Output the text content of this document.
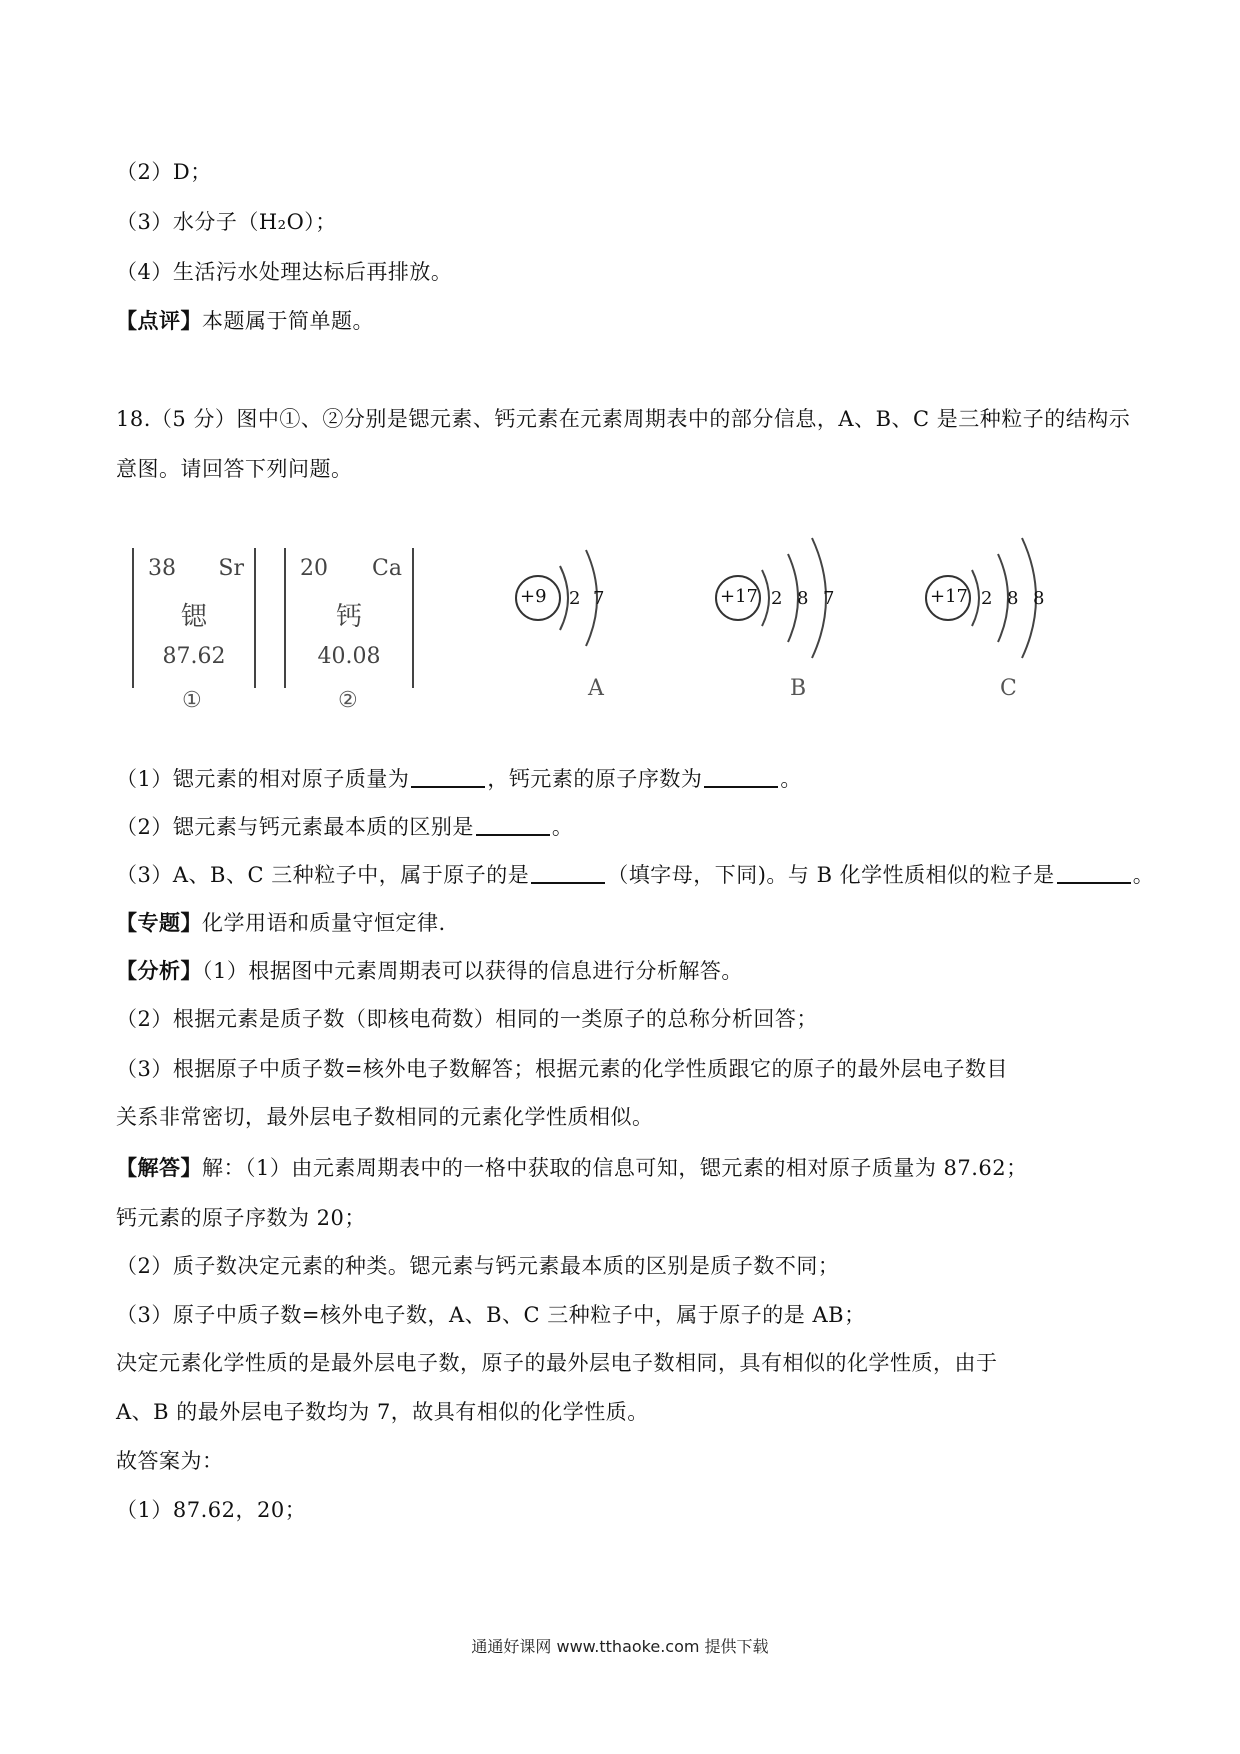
（2）D；
（3）水分子（H₂O）；
（4）生活污水处理达标后再排放。
【点评】本题属于简单题。
18.（5 分）图中①、②分别是锶元素、钙元素在元素周期表中的部分信息，A、B、C 是三种粒子的结构示
意图。请回答下列问题。
38 Sr
锶
87.62
①
20 Ca
钙
40.08
②
+9 2 7
A
+17 2 8 7
B
+17 2 8 8
C
（1）锶元素的相对原子质量为	，钙元素的原子序数为	。
（2）锶元素与钙元素最本质的区别是	。
（3）A、B、C 三种粒子中，属于原子的是	（填字母，下同)。与 B 化学性质相似的粒子是	。
【专题】化学用语和质量守恒定律.
【分析】（1）根据图中元素周期表可以获得的信息进行分析解答。
（2）根据元素是质子数（即核电荷数）相同的一类原子的总称分析回答；
（3）根据原子中质子数=核外电子数解答；根据元素的化学性质跟它的原子的最外层电子数目
关系非常密切，最外层电子数相同的元素化学性质相似。
【解答】解：（1）由元素周期表中的一格中获取的信息可知，锶元素的相对原子质量为 87.62；
钙元素的原子序数为 20；
（2）质子数决定元素的种类。锶元素与钙元素最本质的区别是质子数不同；
（3）原子中质子数=核外电子数，A、B、C 三种粒子中，属于原子的是 AB；
决定元素化学性质的是最外层电子数，原子的最外层电子数相同，具有相似的化学性质，由于
A、B 的最外层电子数均为 7，故具有相似的化学性质。
故答案为：
（1）87.62，20；
通通好课网 www.tthaoke.com 提供下载
